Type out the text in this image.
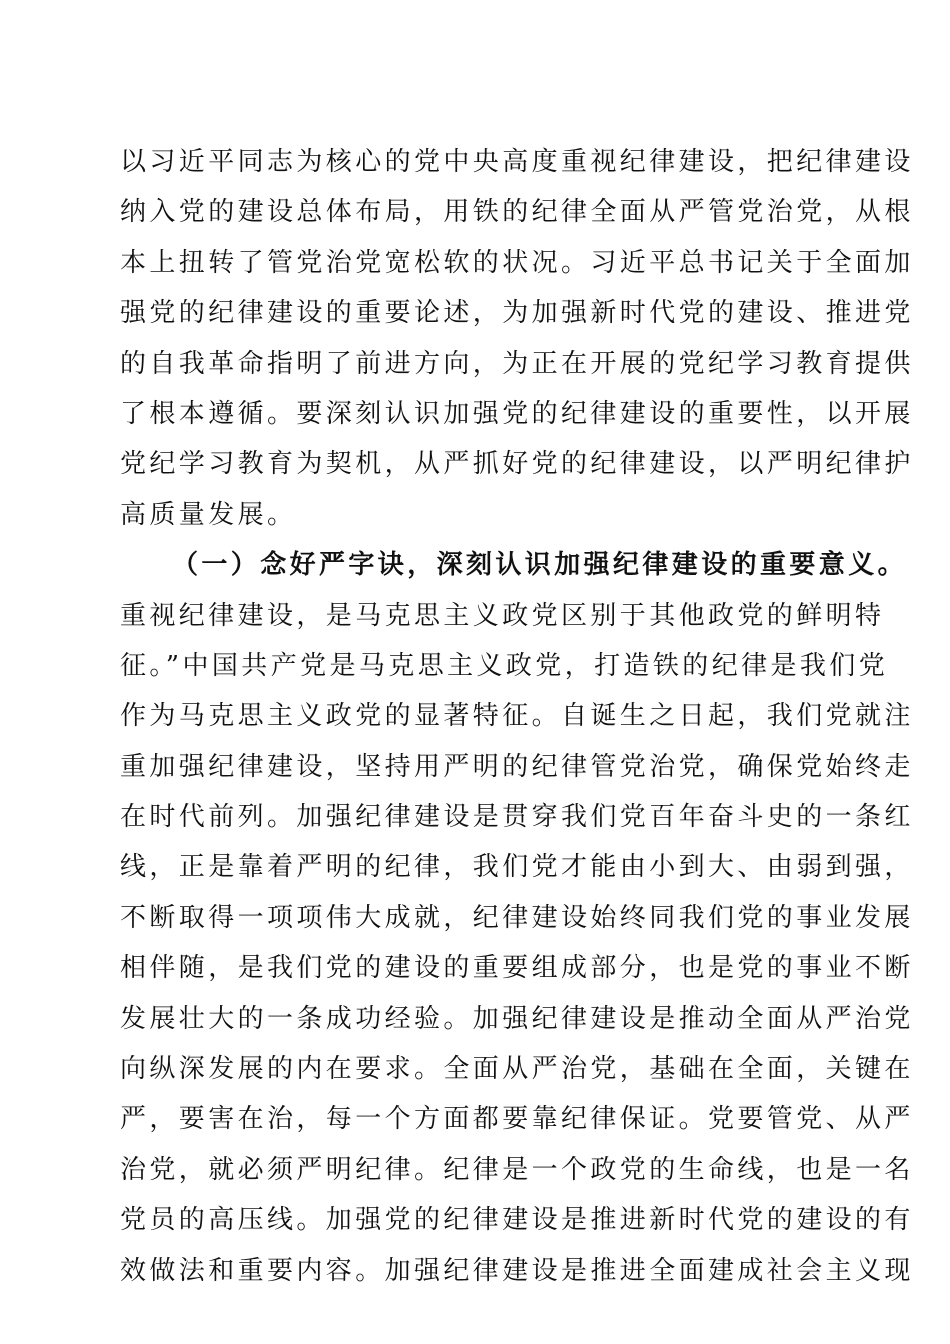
以习近平同志为核心的党中央高度重视纪律建设，把纪律建设
纳入党的建设总体布局，用铁的纪律全面从严管党治党，从根
本上扭转了管党治党宽松软的状况。习近平总书记关于全面加
强党的纪律建设的重要论述，为加强新时代党的建设、推进党
的自我革命指明了前进方向，为正在开展的党纪学习教育提供
了根本遵循。要深刻认识加强党的纪律建设的重要性，以开展
党纪学习教育为契机，从严抓好党的纪律建设，以严明纪律护
高质量发展。
（一）念好严字诀，深刻认识加强纪律建设的重要意义。
重视纪律建设，是马克思主义政党区别于其他政党的鲜明特
征。”中国共产党是马克思主义政党，打造铁的纪律是我们党
作为马克思主义政党的显著特征。自诞生之日起，我们党就注
重加强纪律建设，坚持用严明的纪律管党治党，确保党始终走
在时代前列。加强纪律建设是贯穿我们党百年奋斗史的一条红
线，正是靠着严明的纪律，我们党才能由小到大、由弱到强，
不断取得一项项伟大成就，纪律建设始终同我们党的事业发展
相伴随，是我们党的建设的重要组成部分，也是党的事业不断
发展壮大的一条成功经验。加强纪律建设是推动全面从严治党
向纵深发展的内在要求。全面从严治党，基础在全面，关键在
严，要害在治，每一个方面都要靠纪律保证。党要管党、从严
治党，就必须严明纪律。纪律是一个政党的生命线，也是一名
党员的高压线。加强党的纪律建设是推进新时代党的建设的有
效做法和重要内容。加强纪律建设是推进全面建成社会主义现
